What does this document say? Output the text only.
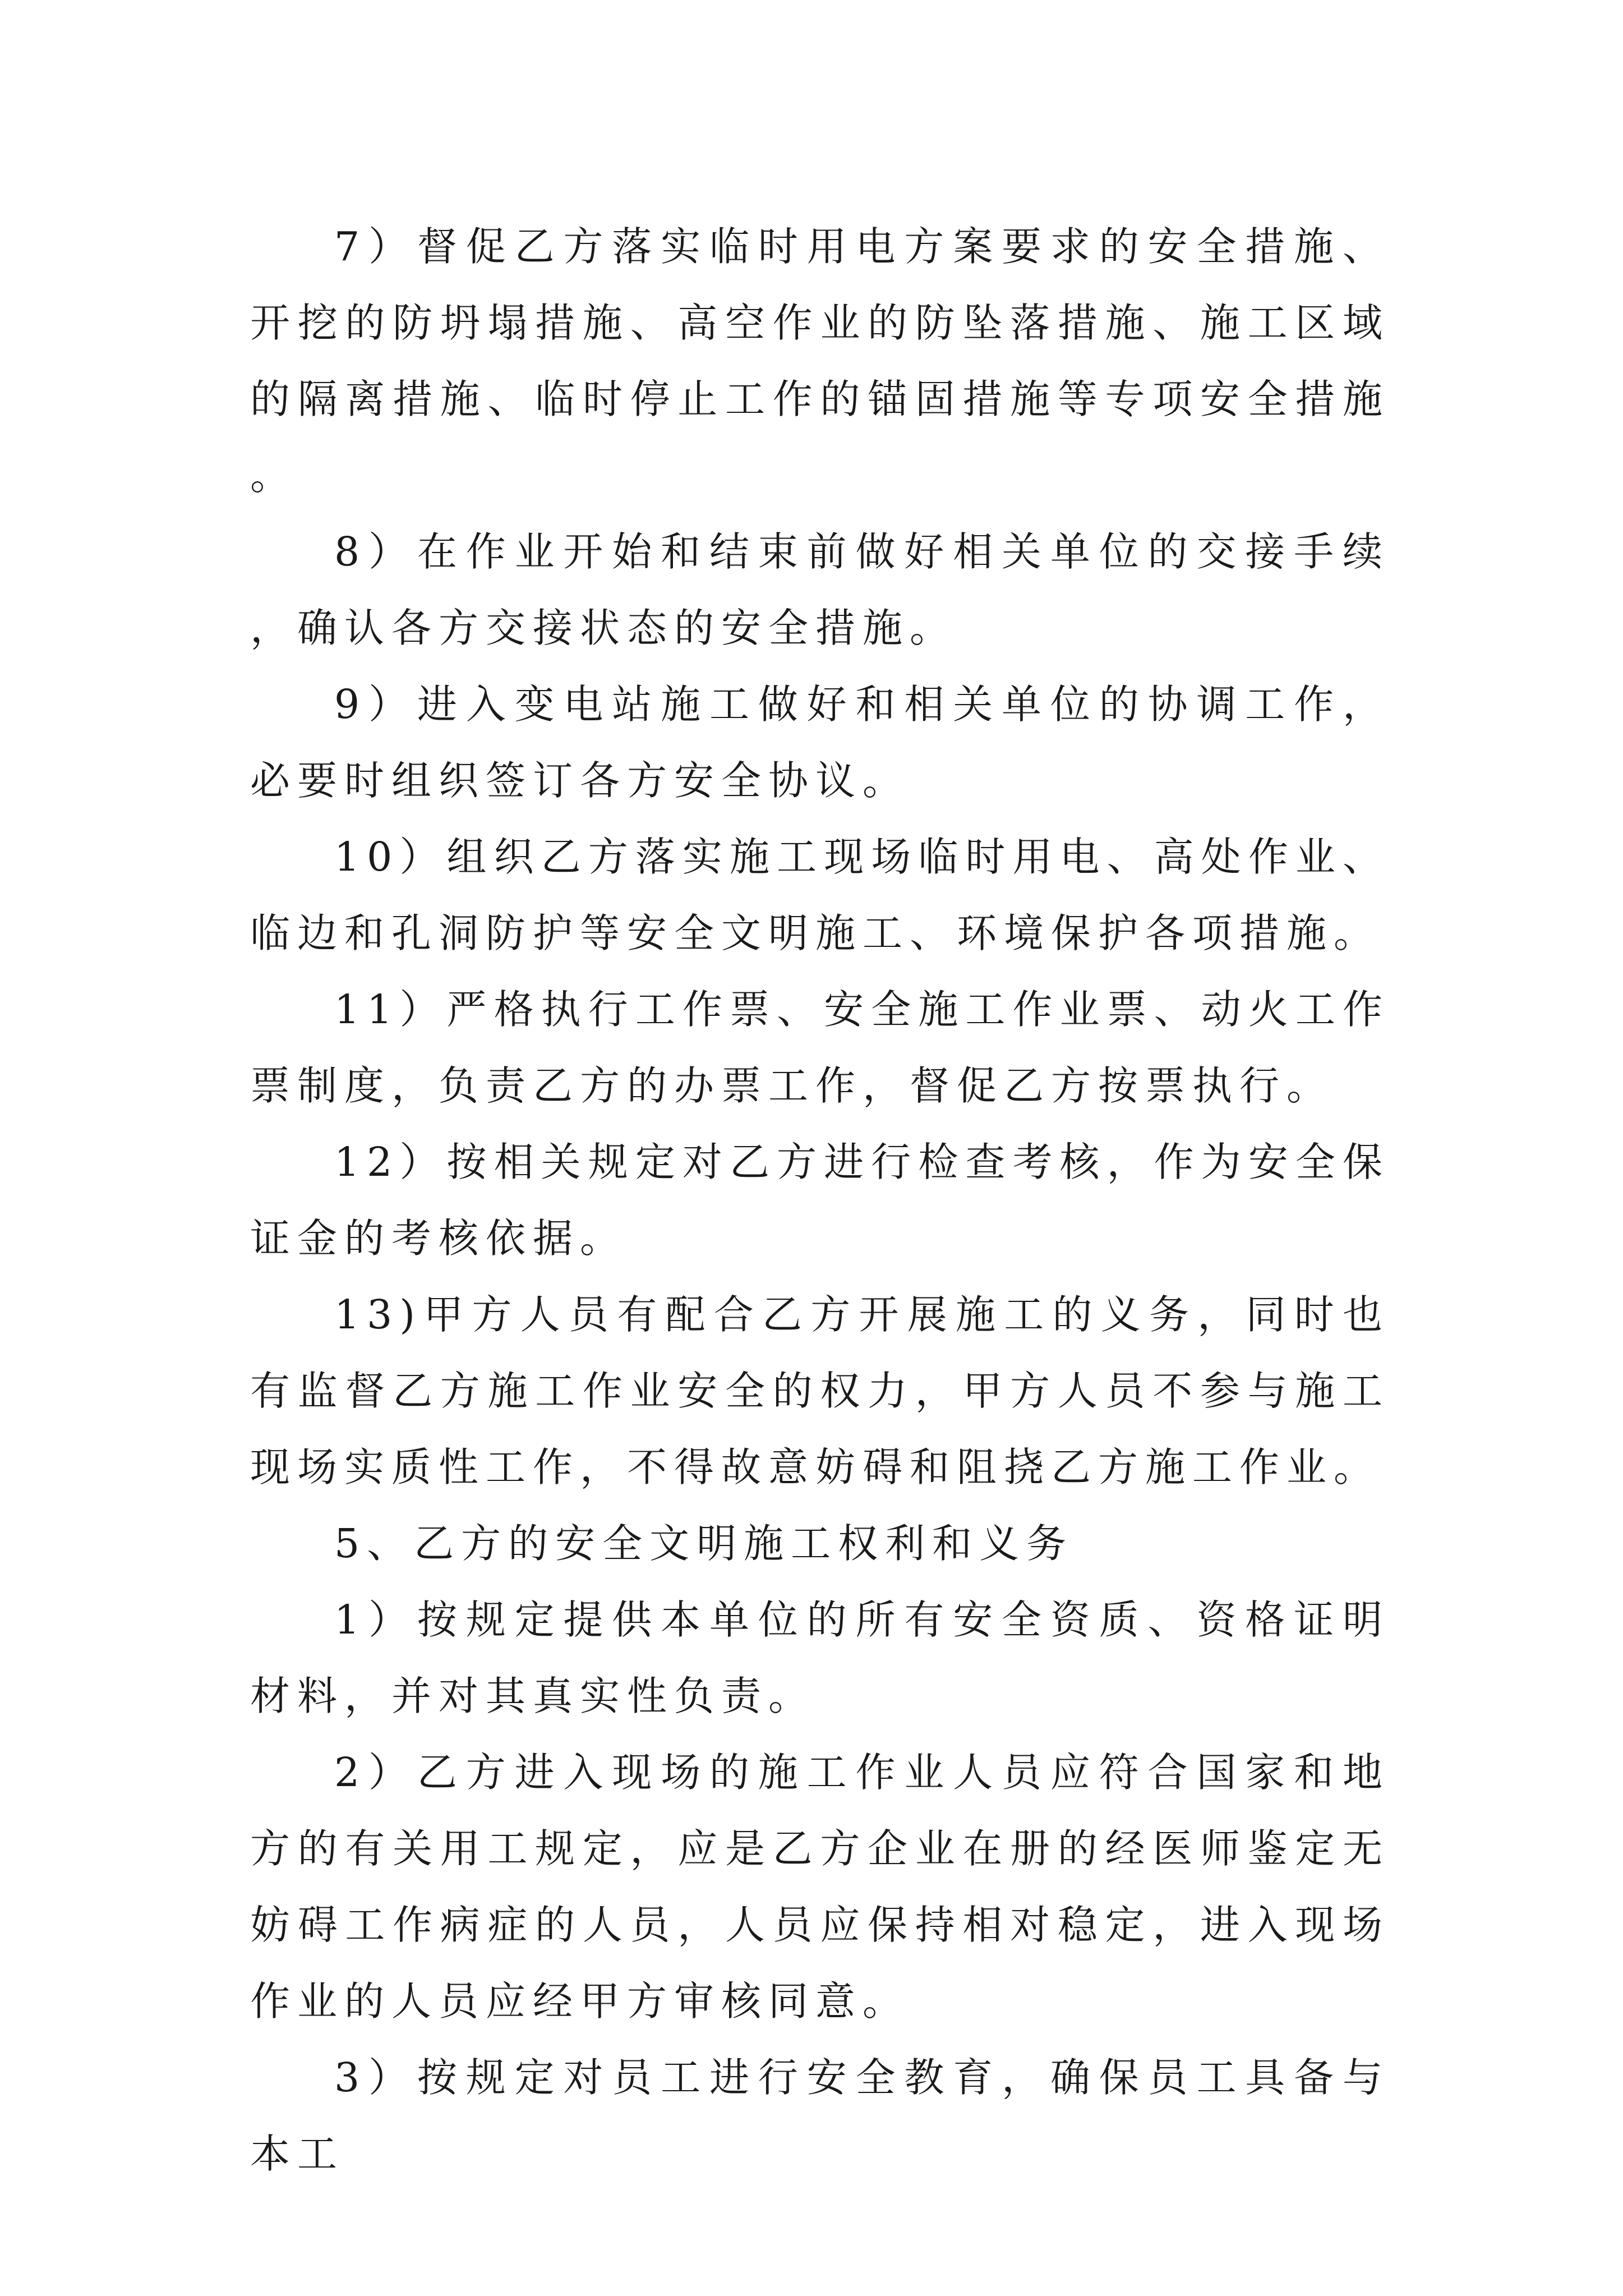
7）督促乙方落实临时用电方案要求的安全措施、开挖的防坍塌措施、高空作业的防坠落措施、施工区域的隔离措施、临时停止工作的锚固措施等专项安全措施。

8）在作业开始和结束前做好相关单位的交接手续，确认各方交接状态的安全措施。

9）进入变电站施工做好和相关单位的协调工作，必要时组织签订各方安全协议。

10）组织乙方落实施工现场临时用电、高处作业、临边和孔洞防护等安全文明施工、环境保护各项措施。

11）严格执行工作票、安全施工作业票、动火工作票制度，负责乙方的办票工作，督促乙方按票执行。

12）按相关规定对乙方进行检查考核，作为安全保证金的考核依据。

13)甲方人员有配合乙方开展施工的义务，同时也有监督乙方施工作业安全的权力，甲方人员不参与施工现场实质性工作，不得故意妨碍和阻挠乙方施工作业。

5、乙方的安全文明施工权利和义务

1）按规定提供本单位的所有安全资质、资格证明材料，并对其真实性负责。

2）乙方进入现场的施工作业人员应符合国家和地方的有关用工规定，应是乙方企业在册的经医师鉴定无妨碍工作病症的人员，人员应保持相对稳定，进入现场作业的人员应经甲方审核同意。

3）按规定对员工进行安全教育，确保员工具备与本工
